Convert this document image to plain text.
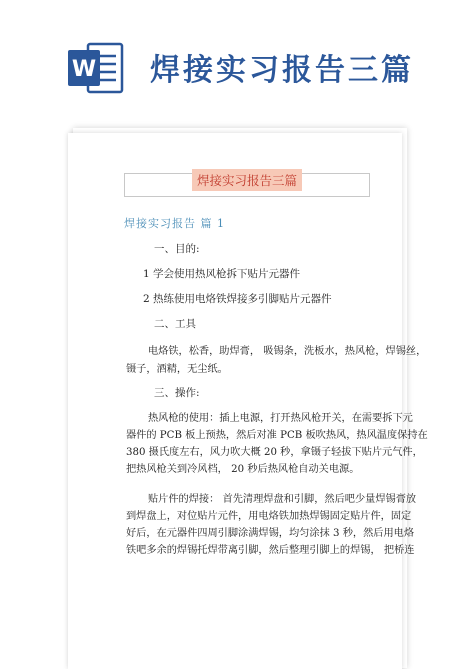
W 焊接实习报告三篇
焊接实习报告三篇
焊接实习报告 篇 1
一、目的:
1 学会使用热风枪拆下贴片元器件
2 热练使用电烙铁焊接多引脚贴片元器件
二、工具
电烙铁，松香，助焊膏， 吸锡条，洗板水，热风枪，焊锡丝，
镊子，酒精，无尘纸。
三、操作:
热风枪的使用：插上电源，打开热风枪开关，在需要拆下元
器件的 PCB 板上预热，然后对准 PCB 板吹热风，热风温度保持在
380 摄氏度左右，风力吹大概 20 秒，拿镊子轻拔下贴片元气件，
把热风枪关到冷风档， 20 秒后热风枪自动关电源。
贴片件的焊接： 首先清理焊盘和引脚，然后吧少量焊锡膏放
到焊盘上，对位贴片元件，用电烙铁加热焊锡固定贴片件，固定
好后，在元器件四周引脚涂满焊锡，均匀涂抹 3 秒，然后用电烙
铁吧多余的焊锡托焊带离引脚，然后整理引脚上的焊锡， 把桥连
